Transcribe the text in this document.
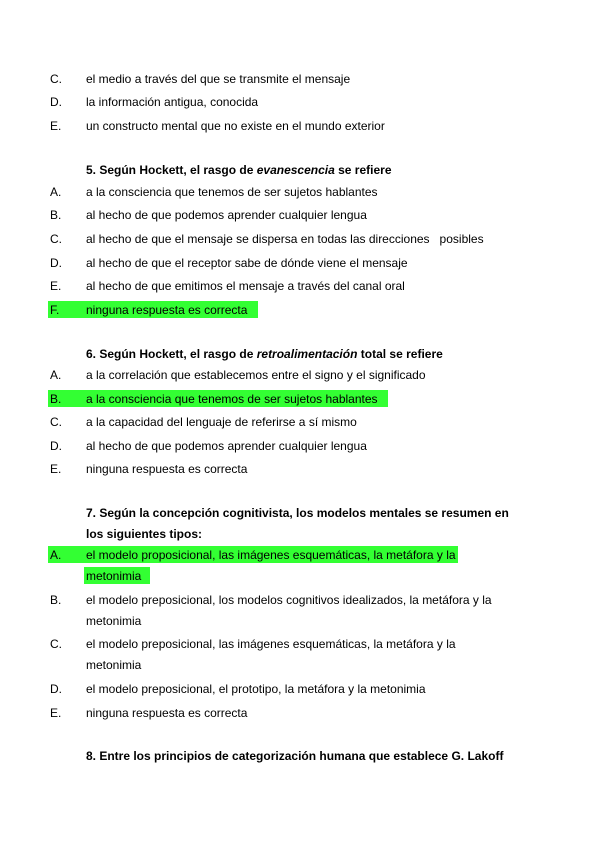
C. el medio a través del que se transmite el mensaje
D. la información antigua, conocida
E. un constructo mental que no existe en el mundo exterior
5. Según Hockett, el rasgo de evanescencia se refiere
A. a la consciencia que tenemos de ser sujetos hablantes
B. al hecho de que podemos aprender cualquier lengua
C. al hecho de que el mensaje se dispersa en todas las direcciones   posibles
D. al hecho de que el receptor sabe de dónde viene el mensaje
E. al hecho de que emitimos el mensaje a través del canal oral
F. ninguna respuesta es correcta
6. Según Hockett, el rasgo de retroalimentación total se refiere
A. a la correlación que establecemos entre el signo y el significado
B. a la consciencia que tenemos de ser sujetos hablantes
C. a la capacidad del lenguaje de referirse a sí mismo
D. al hecho de que podemos aprender cualquier lengua
E. ninguna respuesta es correcta
7. Según la concepción cognitivista, los modelos mentales se resumen en
los siguientes tipos:
A. el modelo proposicional, las imágenes esquemáticas, la metáfora y la
metonimia
B. el modelo preposicional, los modelos cognitivos idealizados, la metáfora y la
metonimia
C. el modelo preposicional, las imágenes esquemáticas, la metáfora y la
metonimia
D. el modelo preposicional, el prototipo, la metáfora y la metonimia
E. ninguna respuesta es correcta
8. Entre los principios de categorización humana que establece G. Lakoff
